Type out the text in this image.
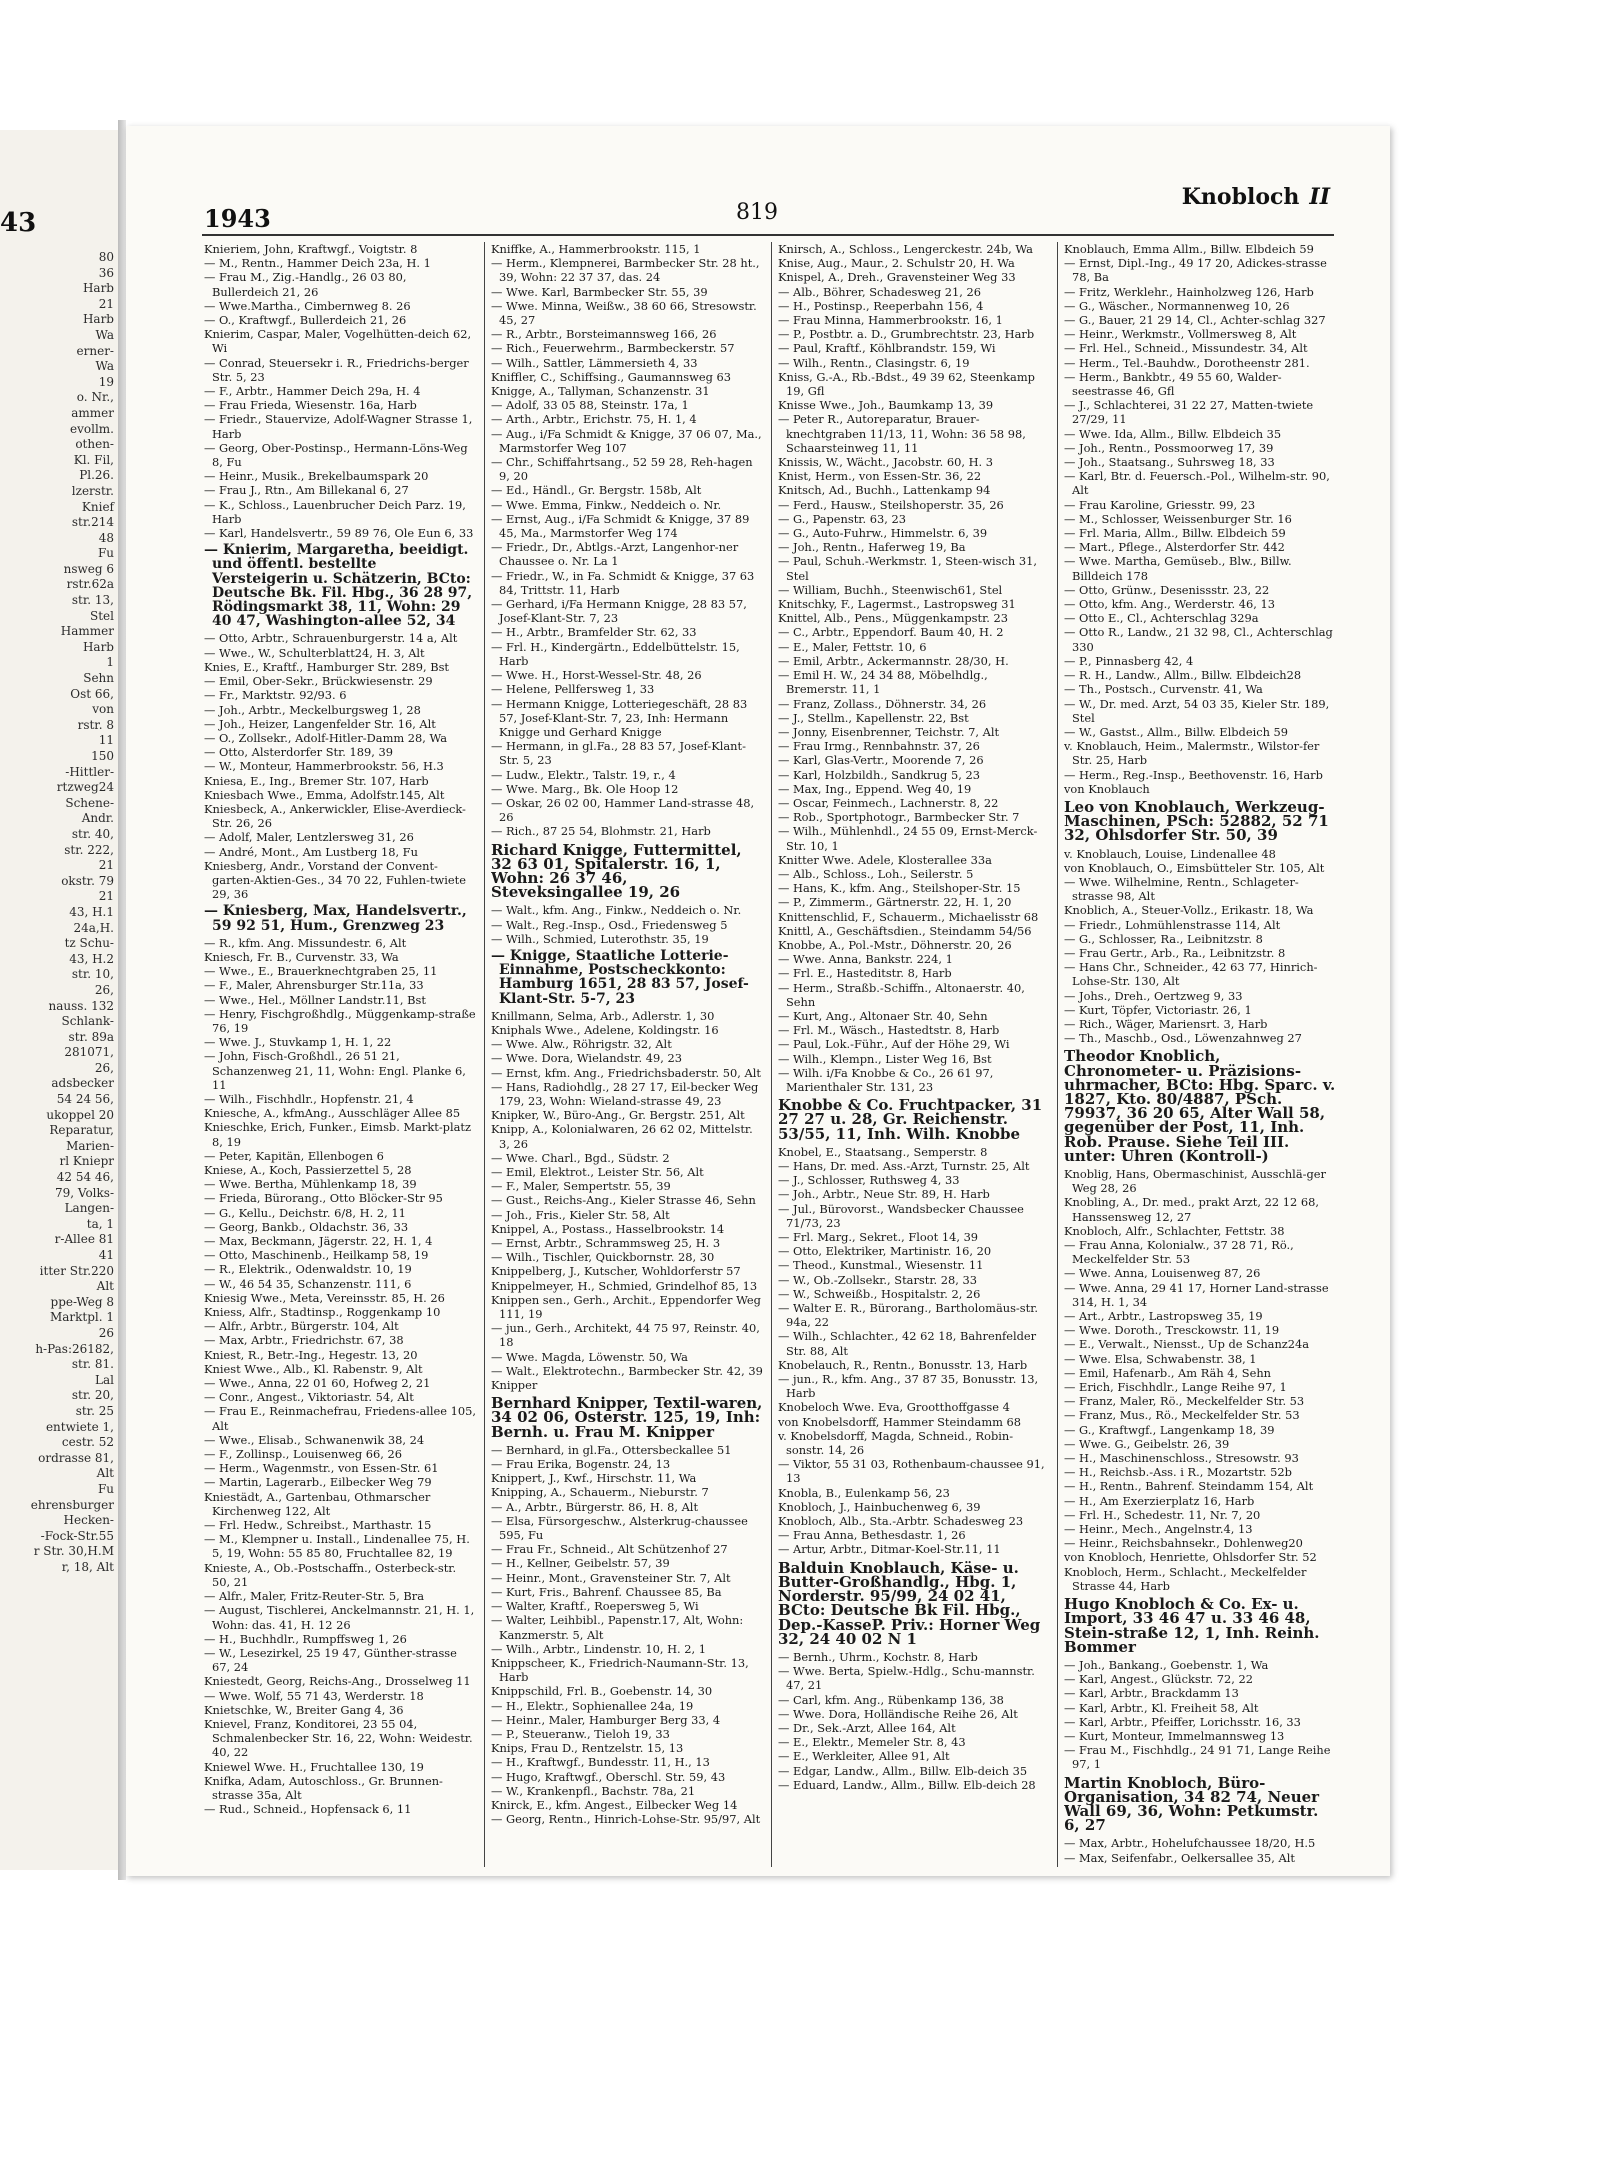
43
80
36
Harb
21
Harb
Wa
erner-
Wa
19
o. Nr.,
ammer
evollm.
othen-
Kl. Fil,
Pl.26.
lzerstr.
Knief
str.214
48
Fu
nsweg 6
rstr.62a
str. 13,
Stel
Hammer
Harb
1
Sehn
Ost 66,
von
rstr. 8
11
150
-Hittler-
rtzweg24
Schene-
Andr.
str. 40,
str. 222,
21
okstr. 79
21
43, H.1
24a,H.
tz Schu-
43, H.2
str. 10,
26,
nauss. 132
Schlank-
str. 89a
281071,
26,
adsbecker
54 24 56,
ukoppel 20
Reparatur,
Marien-
rl Kniepr
42 54 46,
79, Volks-
Langen-
ta, 1
r-Allee 81
41
itter Str.220
Alt
ppe-Weg 8
Marktpl. 1
26
h-Pas:26182,
str. 81.
Lal
str. 20,
str. 25
entwiete 1,
cestr. 52
ordrasse 81,
Alt
Fu
ehrensburger
Hecken-
-Fock-Str.55
r Str. 30,H.M
r, 18, Alt
1943	819
Knobloch II
Knieriem, John, Kraftwgf., Voigtstr. 8
— M., Rentn., Hammer Deich 23a, H. 1
— Frau M., Zig.-Handlg., 26 03 80, Bullerdeich 21, 26
— Wwe.Martha., Cimbernweg 8. 26
— O., Kraftwgf., Bullerdeich 21, 26
Knierim, Caspar, Maler, Vogelhütten-deich 62, Wi
— Conrad, Steuersekr i. R., Friedrichs-berger Str. 5, 23
— F., Arbtr., Hammer Deich 29a, H. 4
— Frau Frieda, Wiesenstr. 16a, Harb
— Friedr., Stauervize, Adolf-Wagner Strasse 1, Harb
— Georg, Ober-Postinsp., Hermann-Löns-Weg 8, Fu
— Heinr., Musik., Brekelbaumspark 20
— Frau J., Rtn., Am Billekanal 6, 27
— K., Schloss., Lauenbrucher Deich Parz. 19, Harb
— Karl, Handelsvertr., 59 89 76, Ole Eun 6, 33
— Knierim, Margaretha, beeidigt. und öffentl. bestellte Versteigerin u. Schätzerin, BCto: Deutsche Bk. Fil. Hbg., 36 28 97, Rödingsmarkt 38, 11, Wohn: 29 40 47, Washington-allee 52, 34
— Otto, Arbtr., Schrauenburgerstr. 14 a, Alt
— Wwe., W., Schulterblatt24, H. 3, Alt
Knies, E., Kraftf., Hamburger Str. 289, Bst
— Emil, Ober-Sekr., Brückwiesenstr. 29
— Fr., Marktstr. 92/93. 6
— Joh., Arbtr., Meckelburgsweg 1, 28
— Joh., Heizer, Langenfelder Str. 16, Alt
— O., Zollsekr., Adolf-Hitler-Damm 28, Wa
— Otto, Alsterdorfer Str. 189, 39
— W., Monteur, Hammerbrookstr. 56, H.3
Kniesa, E., Ing., Bremer Str. 107, Harb
Kniesbach Wwe., Emma, Adolfstr.145, Alt
Kniesbeck, A., Ankerwickler, Elise-Averdieck-Str. 26, 26
— Adolf, Maler, Lentzlersweg 31, 26
— André, Mont., Am Lustberg 18, Fu
Kniesberg, Andr., Vorstand der Convent-garten-Aktien-Ges., 34 70 22, Fuhlen-twiete 29, 36
— Kniesberg, Max, Handelsvertr., 59 92 51, Hum., Grenzweg 23
— R., kfm. Ang. Missundestr. 6, Alt
Kniesch, Fr. B., Curvenstr. 33, Wa
— Wwe., E., Brauerknechtgraben 25, 11
— F., Maler, Ahrensburger Str.11a, 33
— Wwe., Hel., Möllner Landstr.11, Bst
— Henry, Fischgroßhdlg., Müggenkamp-straße 76, 19
— Wwe. J., Stuvkamp 1, H. 1, 22
— John, Fisch-Großhdl., 26 51 21, Schanzenweg 21, 11, Wohn: Engl. Planke 6, 11
— Wilh., Fischhdlr., Hopfenstr. 21, 4
Kniesche, A., kfmAng., Ausschläger Allee 85
Knieschke, Erich, Funker., Eimsb. Markt-platz 8, 19
— Peter, Kapitän, Ellenbogen 6
Kniese, A., Koch, Passierzettel 5, 28
— Wwe. Bertha, Mühlenkamp 18, 39
— Frieda, Bürorang., Otto Blöcker-Str 95
— G., Kellu., Deichstr. 6/8, H. 2, 11
— Georg, Bankb., Oldachstr. 36, 33
— Max, Beckmann, Jägerstr. 22, H. 1, 4
— Otto, Maschinenb., Heilkamp 58, 19
— R., Elektrik., Odenwaldstr. 10, 19
— W., 46 54 35, Schanzenstr. 111, 6
Kniesig Wwe., Meta, Vereinsstr. 85, H. 26
Kniess, Alfr., Stadtinsp., Roggenkamp 10
— Alfr., Arbtr., Bürgerstr. 104, Alt
— Max, Arbtr., Friedrichstr. 67, 38
Kniest, R., Betr.-Ing., Hegestr. 13, 20
Kniest Wwe., Alb., Kl. Rabenstr. 9, Alt
— Wwe., Anna, 22 01 60, Hofweg 2, 21
— Conr., Angest., Viktoriastr. 54, Alt
— Frau E., Reinmachefrau, Friedens-allee 105, Alt
— Wwe., Elisab., Schwanenwik 38, 24
— F., Zollinsp., Louisenweg 66, 26
— Herm., Wagenmstr., von Essen-Str. 61
— Martin, Lagerarb., Eilbecker Weg 79
Kniestädt, A., Gartenbau, Othmarscher Kirchenweg 122, Alt
— Frl. Hedw., Schreibst., Marthastr. 15
— M., Klempner u. Install., Lindenallee 75, H. 5, 19, Wohn: 55 85 80, Fruchtallee 82, 19
Knieste, A., Ob.-Postschaffn., Osterbeck-str. 50, 21
— Alfr., Maler, Fritz-Reuter-Str. 5, Bra
— August, Tischlerei, Anckelmannstr. 21, H. 1, Wohn: das. 41, H. 12 26
— H., Buchhdlr., Rumpffsweg 1, 26
— W., Lesezirkel, 25 19 47, Günther-strasse 67, 24
Kniestedt, Georg, Reichs-Ang., Drosselweg 11
— Wwe. Wolf, 55 71 43, Werderstr. 18
Knietschke, W., Breiter Gang 4, 36
Knievel, Franz, Konditorei, 23 55 04, Schmalenbecker Str. 16, 22, Wohn: Weidestr. 40, 22
Kniewel Wwe. H., Fruchtallee 130, 19
Knifka, Adam, Autoschloss., Gr. Brunnen-strasse 35a, Alt
— Rud., Schneid., Hopfensack 6, 11
Kniffke, A., Hammerbrookstr. 115, 1
— Herm., Klempnerei, Barmbecker Str. 28 ht., 39, Wohn: 22 37 37, das. 24
— Wwe. Karl, Barmbecker Str. 55, 39
— Wwe. Minna, Weißw., 38 60 66, Stresowstr. 45, 27
— R., Arbtr., Borsteimannsweg 166, 26
— Rich., Feuerwehrm., Barmbeckerstr. 57
— Wilh., Sattler, Lämmersieth 4, 33
Kniffler, C., Schiffsing., Gaumannsweg 63
Knigge, A., Tallyman, Schanzenstr. 31
— Adolf, 33 05 88, Steinstr. 17a, 1
— Arth., Arbtr., Erichstr. 75, H. 1, 4
— Aug., i/Fa Schmidt & Knigge, 37 06 07, Ma., Marmstorfer Weg 107
— Chr., Schiffahrtsang., 52 59 28, Reh-hagen 9, 20
— Ed., Händl., Gr. Bergstr. 158b, Alt
— Wwe. Emma, Finkw., Neddeich o. Nr.
— Ernst, Aug., i/Fa Schmidt & Knigge, 37 89 45, Ma., Marmstorfer Weg 174
— Friedr., Dr., Abtlgs.-Arzt, Langenhor-ner Chaussee o. Nr. La 1
— Friedr., W., in Fa. Schmidt & Knigge, 37 63 84, Trittstr. 11, Harb
— Gerhard, i/Fa Hermann Knigge, 28 83 57, Josef-Klant-Str. 7, 23
— H., Arbtr., Bramfelder Str. 62, 33
— Frl. H., Kindergärtn., Eddelbüttelstr. 15, Harb
— Wwe. H., Horst-Wessel-Str. 48, 26
— Helene, Pellfersweg 1, 33
— Hermann Knigge, Lotteriegeschäft, 28 83 57, Josef-Klant-Str. 7, 23, Inh: Hermann Knigge und Gerhard Knigge
— Hermann, in gl.Fa., 28 83 57, Josef-Klant-Str. 5, 23
— Ludw., Elektr., Talstr. 19, r., 4
— Wwe. Marg., Bk. Ole Hoop 12
— Oskar, 26 02 00, Hammer Land-strasse 48, 26
— Rich., 87 25 54, Blohmstr. 21, Harb
Richard Knigge, Futtermittel, 32 63 01, Spitalerstr. 16, 1, Wohn: 26 37 46, Steveksingallee 19, 26
— Walt., kfm. Ang., Finkw., Neddeich o. Nr.
— Walt., Reg.-Insp., Osd., Friedensweg 5
— Wilh., Schmied, Luterothstr. 35, 19
— Knigge, Staatliche Lotterie-Einnahme, Postscheckkonto: Hamburg 1651, 28 83 57, Josef-Klant-Str. 5-7, 23
Knillmann, Selma, Arb., Adlerstr. 1, 30
Kniphals Wwe., Adelene, Koldingstr. 16
— Wwe. Alw., Röhrigstr. 32, Alt
— Wwe. Dora, Wielandstr. 49, 23
— Ernst, kfm. Ang., Friedrichsbaderstr. 50, Alt
— Hans, Radiohdlg., 28 27 17, Eil-becker Weg 179, 23, Wohn: Wieland-strasse 49, 23
Knipker, W., Büro-Ang., Gr. Bergstr. 251, Alt
Knipp, A., Kolonialwaren, 26 62 02, Mittelstr. 3, 26
— Wwe. Charl., Bgd., Südstr. 2
— Emil, Elektrot., Leister Str. 56, Alt
— F., Maler, Sempertstr. 55, 39
— Gust., Reichs-Ang., Kieler Strasse 46, Sehn
— Joh., Fris., Kieler Str. 58, Alt
Knippel, A., Postass., Hasselbrookstr. 14
— Ernst, Arbtr., Schrammsweg 25, H. 3
— Wilh., Tischler, Quickbornstr. 28, 30
Knippelberg, J., Kutscher, Wohldorferstr 57
Knippelmeyer, H., Schmied, Grindelhof 85, 13
Knippen sen., Gerh., Archit., Eppendorfer Weg 111, 19
— jun., Gerh., Architekt, 44 75 97, Reinstr. 40, 18
— Wwe. Magda, Löwenstr. 50, Wa
— Walt., Elektrotechn., Barmbecker Str. 42, 39
Knipper
Bernhard Knipper, Textil-waren, 34 02 06, Osterstr. 125, 19, Inh: Bernh. u. Frau M. Knipper
— Bernhard, in gl.Fa., Ottersbeckallee 51
— Frau Erika, Bogenstr. 24, 13
Knippert, J., Kwf., Hirschstr. 11, Wa
Knipping, A., Schauerm., Nieburstr. 7
— A., Arbtr., Bürgerstr. 86, H. 8, Alt
— Elsa, Fürsorgeschw., Alsterkrug-chaussee 595, Fu
— Frau Fr., Schneid., Alt Schützenhof 27
— H., Kellner, Geibelstr. 57, 39
— Heinr., Mont., Gravensteiner Str. 7, Alt
— Kurt, Fris., Bahrenf. Chaussee 85, Ba
— Walter, Kraftf., Roepersweg 5, Wi
— Walter, Leihbibl., Papenstr.17, Alt, Wohn: Kanzmerstr. 5, Alt
— Wilh., Arbtr., Lindenstr. 10, H. 2, 1
Knippscheer, K., Friedrich-Naumann-Str. 13, Harb
Knippschild, Frl. B., Goebenstr. 14, 30
— H., Elektr., Sophienallee 24a, 19
— Heinr., Maler, Hamburger Berg 33, 4
— P., Steueranw., Tieloh 19, 33
Knips, Frau D., Rentzelstr. 15, 13
— H., Kraftwgf., Bundesstr. 11, H., 13
— Hugo, Kraftwgf., Oberschl. Str. 59, 43
— W., Krankenpfl., Bachstr. 78a, 21
Knirck, E., kfm. Angest., Eilbecker Weg 14
— Georg, Rentn., Hinrich-Lohse-Str. 95/97, Alt
Knirsch, A., Schloss., Lengerckestr. 24b, Wa
Knise, Aug., Maur., 2. Schulstr 20, H. Wa
Knispel, A., Dreh., Gravensteiner Weg 33
— Alb., Böhrer, Schadesweg 21, 26
— H., Postinsp., Reeperbahn 156, 4
— Frau Minna, Hammerbrookstr. 16, 1
— P., Postbtr. a. D., Grumbrechtstr. 23, Harb
— Paul, Kraftf., Köhlbrandstr. 159, Wi
— Wilh., Rentn., Clasingstr. 6, 19
Kniss, G.-A., Rb.-Bdst., 49 39 62, Steenkamp 19, Gfl
Knisse Wwe., Joh., Baumkamp 13, 39
— Peter R., Autoreparatur, Brauer-knechtgraben 11/13, 11, Wohn: 36 58 98, Schaarsteinweg 11, 11
Knissis, W., Wächt., Jacobstr. 60, H. 3
Knist, Herm., von Essen-Str. 36, 22
Knitsch, Ad., Buchh., Lattenkamp 94
— Ferd., Hausw., Steilshoperstr. 35, 26
— G., Papenstr. 63, 23
— G., Auto-Fuhrw., Himmelstr. 6, 39
— Joh., Rentn., Haferweg 19, Ba
— Paul, Schuh.-Werkmstr. 1, Steen-wisch 31, Stel
— William, Buchh., Steenwisch61, Stel
Knitschky, F., Lagermst., Lastropsweg 31
Knittel, Alb., Pens., Müggenkampstr. 23
— C., Arbtr., Eppendorf. Baum 40, H. 2
— E., Maler, Fettstr. 10, 6
— Emil, Arbtr., Ackermannstr. 28/30, H.
— Emil H. W., 24 34 88, Möbelhdlg., Bremerstr. 11, 1
— Franz, Zollass., Döhnerstr. 34, 26
— J., Stellm., Kapellenstr. 22, Bst
— Jonny, Eisenbrenner, Teichstr. 7, Alt
— Frau Irmg., Rennbahnstr. 37, 26
— Karl, Glas-Vertr., Moorende 7, 26
— Karl, Holzbildh., Sandkrug 5, 23
— Max, Ing., Eppend. Weg 40, 19
— Oscar, Feinmech., Lachnerstr. 8, 22
— Rob., Sportphotogr., Barmbecker Str. 7
— Wilh., Mühlenhdl., 24 55 09, Ernst-Merck-Str. 10, 1
Knitter Wwe. Adele, Klosterallee 33a
— Alb., Schloss., Loh., Seilerstr. 5
— Hans, K., kfm. Ang., Steilshoper-Str. 15
— P., Zimmerm., Gärtnerstr. 22, H. 1, 20
Knittenschlid, F., Schauerm., Michaelisstr 68
Knittl, A., Geschäftsdien., Steindamm 54/56
Knobbe, A., Pol.-Mstr., Döhnerstr. 20, 26
— Wwe. Anna, Bankstr. 224, 1
— Frl. E., Hasteditstr. 8, Harb
— Herm., Straßb.-Schiffn., Altonaerstr. 40, Sehn
— Kurt, Ang., Altonaer Str. 40, Sehn
— Frl. M., Wäsch., Hastedtstr. 8, Harb
— Paul, Lok.-Führ., Auf der Höhe 29, Wi
— Wilh., Klempn., Lister Weg 16, Bst
— Wilh. i/Fa Knobbe & Co., 26 61 97, Marienthaler Str. 131, 23
Knobbe & Co. Fruchtpacker, 31 27 27 u. 28, Gr. Reichenstr. 53/55, 11, Inh. Wilh. Knobbe
Knobel, E., Staatsang., Semperstr. 8
— Hans, Dr. med. Ass.-Arzt, Turnstr. 25, Alt
— J., Schlosser, Ruthsweg 4, 33
— Joh., Arbtr., Neue Str. 89, H. Harb
— Jul., Bürovorst., Wandsbecker Chaussee 71/73, 23
— Frl. Marg., Sekret., Floot 14, 39
— Otto, Elektriker, Martinistr. 16, 20
— Theod., Kunstmal., Wiesenstr. 11
— W., Ob.-Zollsekr., Starstr. 28, 33
— W., Schweißb., Hospitalstr. 2, 26
— Walter E. R., Bürorang., Bartholomäus-str. 94a, 22
— Wilh., Schlachter., 42 62 18, Bahrenfelder Str. 88, Alt
Knobelauch, R., Rentn., Bonusstr. 13, Harb
— jun., R., kfm. Ang., 37 87 35, Bonusstr. 13, Harb
Knobeloch Wwe. Eva, Grootthoffgasse 4
von Knobelsdorff, Hammer Steindamm 68
v. Knobelsdorff, Magda, Schneid., Robin-sonstr. 14, 26
— Viktor, 55 31 03, Rothenbaum-chaussee 91, 13
Knobla, B., Eulenkamp 56, 23
Knobloch, J., Hainbuchenweg 6, 39
Knobloch, Alb., Sta.-Arbtr. Schadesweg 23
— Frau Anna, Bethesdastr. 1, 26
— Artur, Arbtr., Ditmar-Koel-Str.11, 11
Balduin Knoblauch, Käse- u. Butter-Großhandlg., Hbg. 1, Norderstr. 95/99, 24 02 41, BCto: Deutsche Bk Fil. Hbg., Dep.-KasseP. Priv.: Horner Weg 32, 24 40 02 N 1
— Bernh., Uhrm., Kochstr. 8, Harb
— Wwe. Berta, Spielw.-Hdlg., Schu-mannstr. 47, 21
— Carl, kfm. Ang., Rübenkamp 136, 38
— Wwe. Dora, Holländische Reihe 26, Alt
— Dr., Sek.-Arzt, Allee 164, Alt
— E., Elektr., Memeler Str. 8, 43
— E., Werkleiter, Allee 91, Alt
— Edgar, Landw., Allm., Billw. Elb-deich 35
— Eduard, Landw., Allm., Billw. Elb-deich 28
Knoblauch, Emma Allm., Billw. Elbdeich 59
— Ernst, Dipl.-Ing., 49 17 20, Adickes-strasse 78, Ba
— Fritz, Werklehr., Hainholzweg 126, Harb
— G., Wäscher., Normannenweg 10, 26
— G., Bauer, 21 29 14, Cl., Achter-schlag 327
— Heinr., Werkmstr., Vollmersweg 8, Alt
— Frl. Hel., Schneid., Missundestr. 34, Alt
— Herm., Tel.-Bauhdw., Dorotheenstr 281.
— Herm., Bankbtr., 49 55 60, Walder-seestrasse 46, Gfl
— J., Schlachterei, 31 22 27, Matten-twiete 27/29, 11
— Wwe. Ida, Allm., Billw. Elbdeich 35
— Joh., Rentn., Possmoorweg 17, 39
— Joh., Staatsang., Suhrsweg 18, 33
— Karl, Btr. d. Feuersch.-Pol., Wilhelm-str. 90, Alt
— Frau Karoline, Griesstr. 99, 23
— M., Schlosser, Weissenburger Str. 16
— Frl. Maria, Allm., Billw. Elbdeich 59
— Mart., Pflege., Alsterdorfer Str. 442
— Wwe. Martha, Gemüseb., Blw., Billw. Billdeich 178
— Otto, Grünw., Desenissstr. 23, 22
— Otto, kfm. Ang., Werderstr. 46, 13
— Otto E., Cl., Achterschlag 329a
— Otto R., Landw., 21 32 98, Cl., Achterschlag 330
— P., Pinnasberg 42, 4
— R. H., Landw., Allm., Billw. Elbdeich28
— Th., Postsch., Curvenstr. 41, Wa
— W., Dr. med. Arzt, 54 03 35, Kieler Str. 189, Stel
— W., Gastst., Allm., Billw. Elbdeich 59
v. Knoblauch, Heim., Malermstr., Wilstor-fer Str. 25, Harb
— Herm., Reg.-Insp., Beethovenstr. 16, Harb
von Knoblauch
Leo von Knoblauch, Werkzeug-Maschinen, PSch: 52882, 52 71 32, Ohlsdorfer Str. 50, 39
v. Knoblauch, Louise, Lindenallee 48
von Knoblauch, O., Eimsbütteler Str. 105, Alt
— Wwe. Wilhelmine, Rentn., Schlageter-strasse 98, Alt
Knoblich, A., Steuer-Vollz., Erikastr. 18, Wa
— Friedr., Lohmühlenstrasse 114, Alt
— G., Schlosser, Ra., Leibnitzstr. 8
— Frau Gertr., Arb., Ra., Leibnitzstr. 8
— Hans Chr., Schneider., 42 63 77, Hinrich-Lohse-Str. 130, Alt
— Johs., Dreh., Oertzweg 9, 33
— Kurt, Töpfer, Victoriastr. 26, 1
— Rich., Wäger, Mariensrt. 3, Harb
— Th., Maschb., Osd., Löwenzahnweg 27
Theodor Knoblich, Chronometer- u. Präzisions-uhrmacher, BCto: Hbg. Sparc. v. 1827, Kto. 80/4887, PSch. 79937, 36 20 65, Alter Wall 58, gegenüber der Post, 11, Inh. Rob. Prause. Siehe Teil III. unter: Uhren (Kontroll-)
Knoblig, Hans, Obermaschinist, Ausschlä-ger Weg 28, 26
Knobling, A., Dr. med., prakt Arzt, 22 12 68, Hanssensweg 12, 27
Knobloch, Alfr., Schlachter, Fettstr. 38
— Frau Anna, Kolonialw., 37 28 71, Rö., Meckelfelder Str. 53
— Wwe. Anna, Louisenweg 87, 26
— Wwe. Anna, 29 41 17, Horner Land-strasse 314, H. 1, 34
— Art., Arbtr., Lastropsweg 35, 19
— Wwe. Doroth., Tresckowstr. 11, 19
— E., Verwalt., Niensst., Up de Schanz24a
— Wwe. Elsa, Schwabenstr. 38, 1
— Emil, Hafenarb., Am Räh 4, Sehn
— Erich, Fischhdlr., Lange Reihe 97, 1
— Franz, Maler, Rö., Meckelfelder Str. 53
— Franz, Mus., Rö., Meckelfelder Str. 53
— G., Kraftwgf., Langenkamp 18, 39
— Wwe. G., Geibelstr. 26, 39
— H., Maschinenschloss., Stresowstr. 93
— H., Reichsb.-Ass. i R., Mozartstr. 52b
— H., Rentn., Bahrenf. Steindamm 154, Alt
— H., Am Exerzierplatz 16, Harb
— Frl. H., Schedestr. 11, Nr. 7, 20
— Heinr., Mech., Angelnstr.4, 13
— Heinr., Reichsbahnsekr., Dohlenweg20
von Knobloch, Henriette, Ohlsdorfer Str. 52
Knobloch, Herm., Schlacht., Meckelfelder Strasse 44, Harb
Hugo Knobloch & Co. Ex- u. Import, 33 46 47 u. 33 46 48, Stein-straße 12, 1, Inh. Reinh. Bommer
— Joh., Bankang., Goebenstr. 1, Wa
— Karl, Angest., Glückstr. 72, 22
— Karl, Arbtr., Brackdamm 13
— Karl, Arbtr., Kl. Freiheit 58, Alt
— Karl, Arbtr., Pfeiffer, Lorichsstr. 16, 33
— Kurt, Monteur, Immelmannsweg 13
— Frau M., Fischhdlg., 24 91 71, Lange Reihe 97, 1
Martin Knobloch, Büro-Organisation, 34 82 74, Neuer Wall 69, 36, Wohn: Petkumstr. 6, 27
— Max, Arbtr., Hohelufchaussee 18/20, H.5
— Max, Seifenfabr., Oelkersallee 35, Alt
